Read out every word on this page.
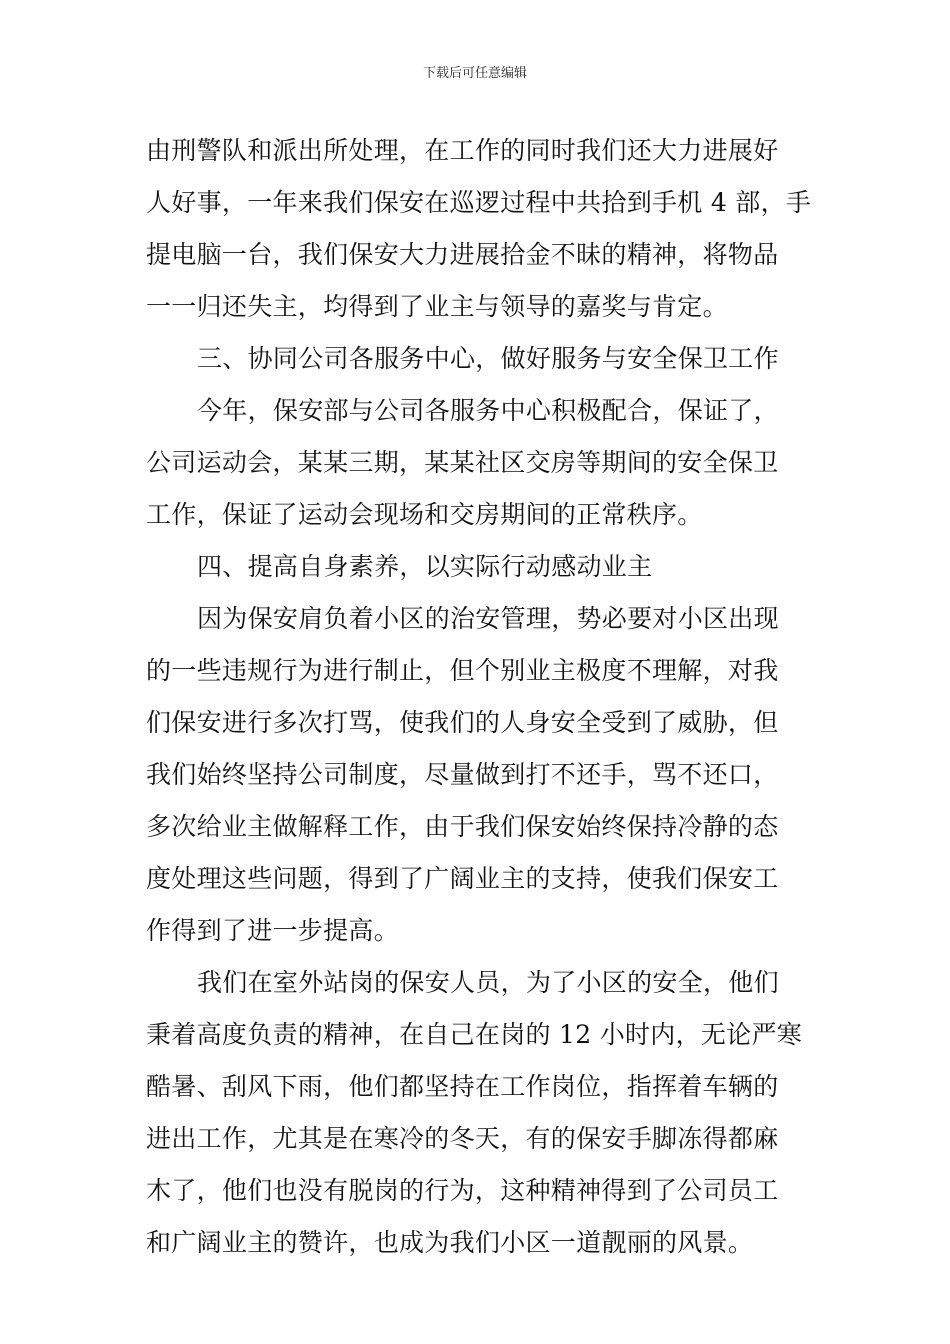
下载后可任意编辑
由刑警队和派出所处理，在工作的同时我们还大力进展好
人好事，一年来我们保安在巡逻过程中共拾到手机 4 部，手
提电脑一台，我们保安大力进展拾金不昧的精神，将物品
一一归还失主，均得到了业主与领导的嘉奖与肯定。
三、协同公司各服务中心，做好服务与安全保卫工作
今年，保安部与公司各服务中心积极配合，保证了，
公司运动会，某某三期，某某社区交房等期间的安全保卫
工作，保证了运动会现场和交房期间的正常秩序。
四、提高自身素养，以实际行动感动业主
因为保安肩负着小区的治安管理，势必要对小区出现
的一些违规行为进行制止，但个别业主极度不理解，对我
们保安进行多次打骂，使我们的人身安全受到了威胁，但
我们始终坚持公司制度，尽量做到打不还手，骂不还口，
多次给业主做解释工作，由于我们保安始终保持冷静的态
度处理这些问题，得到了广阔业主的支持，使我们保安工
作得到了进一步提高。
我们在室外站岗的保安人员，为了小区的安全，他们
秉着高度负责的精神，在自己在岗的 12 小时内，无论严寒
酷暑、刮风下雨，他们都坚持在工作岗位，指挥着车辆的
进出工作，尤其是在寒冷的冬天，有的保安手脚冻得都麻
木了，他们也没有脱岗的行为，这种精神得到了公司员工
和广阔业主的赞许，也成为我们小区一道靓丽的风景。
